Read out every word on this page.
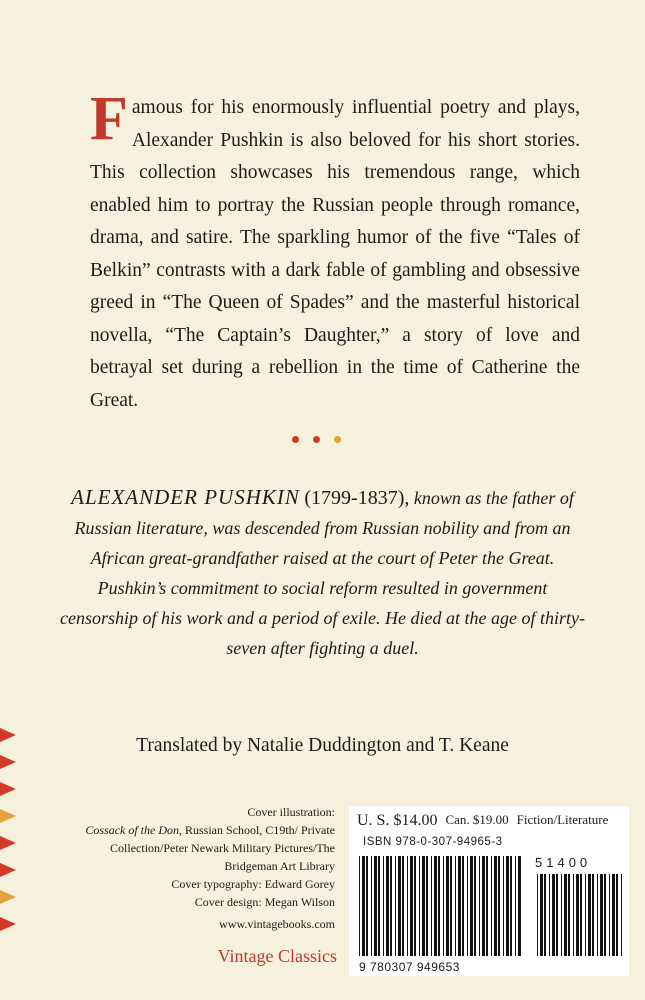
Famous for his enormously influential poetry and plays, Alexander Pushkin is also beloved for his short stories. This collection showcases his tremendous range, which enabled him to portray the Russian people through romance, drama, and satire. The sparkling humor of the five “Tales of Belkin” contrasts with a dark fable of gambling and obsessive greed in “The Queen of Spades” and the masterful historical novella, “The Captain’s Daughter,” a story of love and betrayal set during a rebellion in the time of Catherine the Great.
ALEXANDER PUSHKIN (1799-1837), known as the father of Russian literature, was descended from Russian nobility and from an African great-grandfather raised at the court of Peter the Great. Pushkin’s commitment to social reform resulted in government censorship of his work and a period of exile. He died at the age of thirty-seven after fighting a duel.
Translated by Natalie Duddington and T. Keane
Cover illustration:
Cossack of the Don, Russian School, C19th/ Private Collection/Peter Newark Military Pictures/The Bridgeman Art Library
Cover typography: Edward Gorey
Cover design: Megan Wilson
www.vintagebooks.com
Vintage Classics
U. S. $14.00 Can. $19.00 Fiction/Literature
ISBN 978-0-307-94965-3
51400
9 780307 949653
